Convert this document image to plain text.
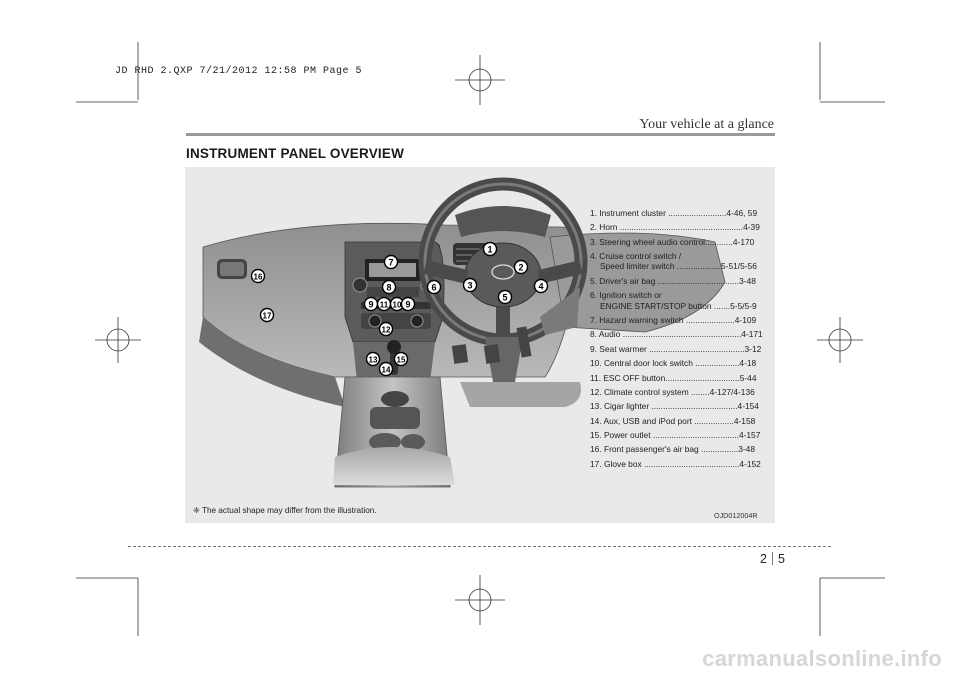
JD RHD 2.QXP 7/21/2012 12:58 PM Page 5
Your vehicle at a glance
INSTRUMENT PANEL OVERVIEW
1
2
3	4
5
6
7
8
9 11 10 9
12
13
14
15
16
17
1. Instrument cluster .........................4-46, 59
2. Horn .....................................................4-39
3. Steering wheel audio control............4-170
4. Cruise control switch /
Speed limiter switch ...................5-51/5-56
5. Driver's air bag ...................................3-48
6. Ignition switch or
ENGINE START/STOP button .......5-5/5-9
7. Hazard warning switch .....................4-109
8. Audio ...................................................4-171
9. Seat warmer .........................................3-12
10. Central door lock switch ...................4-18
11. ESC OFF button................................5-44
12. Climate control system ........4-127/4-136
13. Cigar lighter .....................................4-154
14. Aux, USB and iPod port .................4-158
15. Power outlet .....................................4-157
16. Front passenger's air bag ................3-48
17. Glove box .........................................4-152
❈ The actual shape may differ from the illustration.
OJD012004R
2 5
carmanualsonline.info
